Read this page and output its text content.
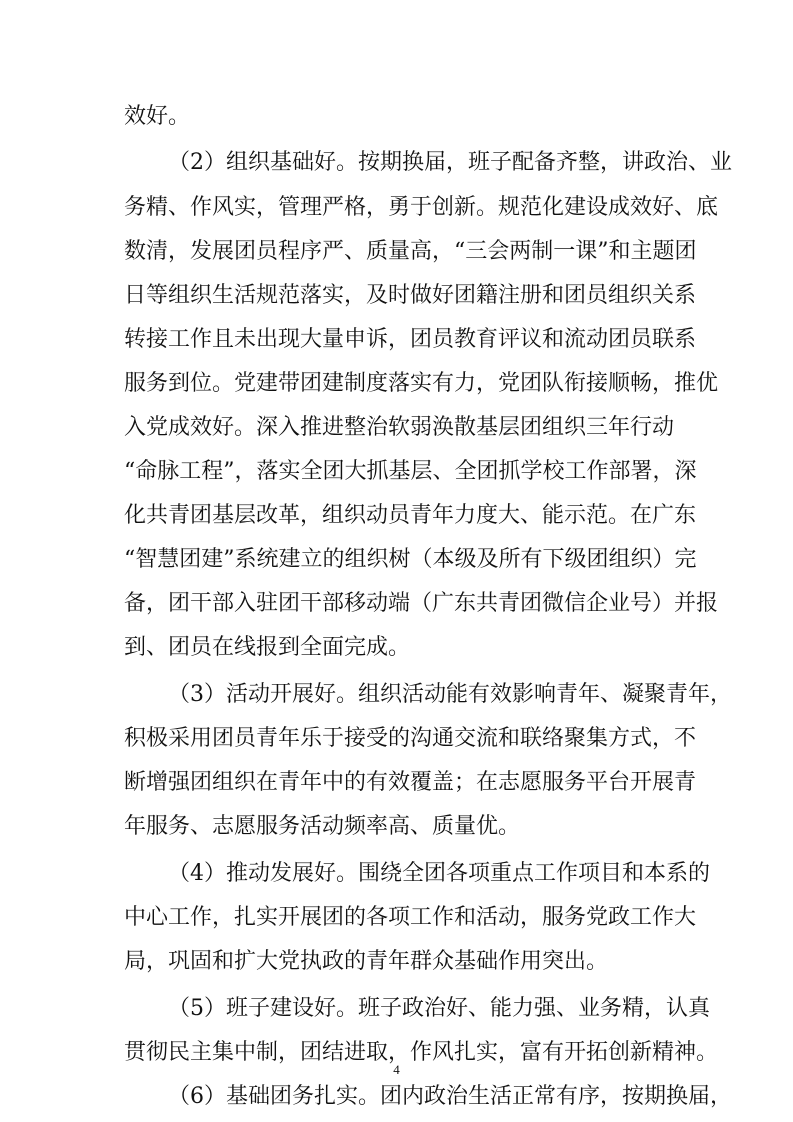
效好。
（2）组织基础好。按期换届，班子配备齐整，讲政治、业
务精、作风实，管理严格，勇于创新。规范化建设成效好、底
数清，发展团员程序严、质量高，“三会两制一课”和主题团
日等组织生活规范落实，及时做好团籍注册和团员组织关系
转接工作且未出现大量申诉，团员教育评议和流动团员联系
服务到位。党建带团建制度落实有力，党团队衔接顺畅，推优
入党成效好。深入推进整治软弱涣散基层团组织三年行动
“命脉工程”，落实全团大抓基层、全团抓学校工作部署，深
化共青团基层改革，组织动员青年力度大、能示范。在广东
“智慧团建”系统建立的组织树（本级及所有下级团组织）完
备，团干部入驻团干部移动端（广东共青团微信企业号）并报
到、团员在线报到全面完成。
（3）活动开展好。组织活动能有效影响青年、凝聚青年，
积极采用团员青年乐于接受的沟通交流和联络聚集方式，不
断增强团组织在青年中的有效覆盖；在志愿服务平台开展青
年服务、志愿服务活动频率高、质量优。
（4）推动发展好。围绕全团各项重点工作项目和本系的
中心工作，扎实开展团的各项工作和活动，服务党政工作大
局，巩固和扩大党执政的青年群众基础作用突出。
（5）班子建设好。班子政治好、能力强、业务精，认真
贯彻民主集中制，团结进取，作风扎实，富有开拓创新精神。
（6）基础团务扎实。团内政治生活正常有序，按期换届，
4
